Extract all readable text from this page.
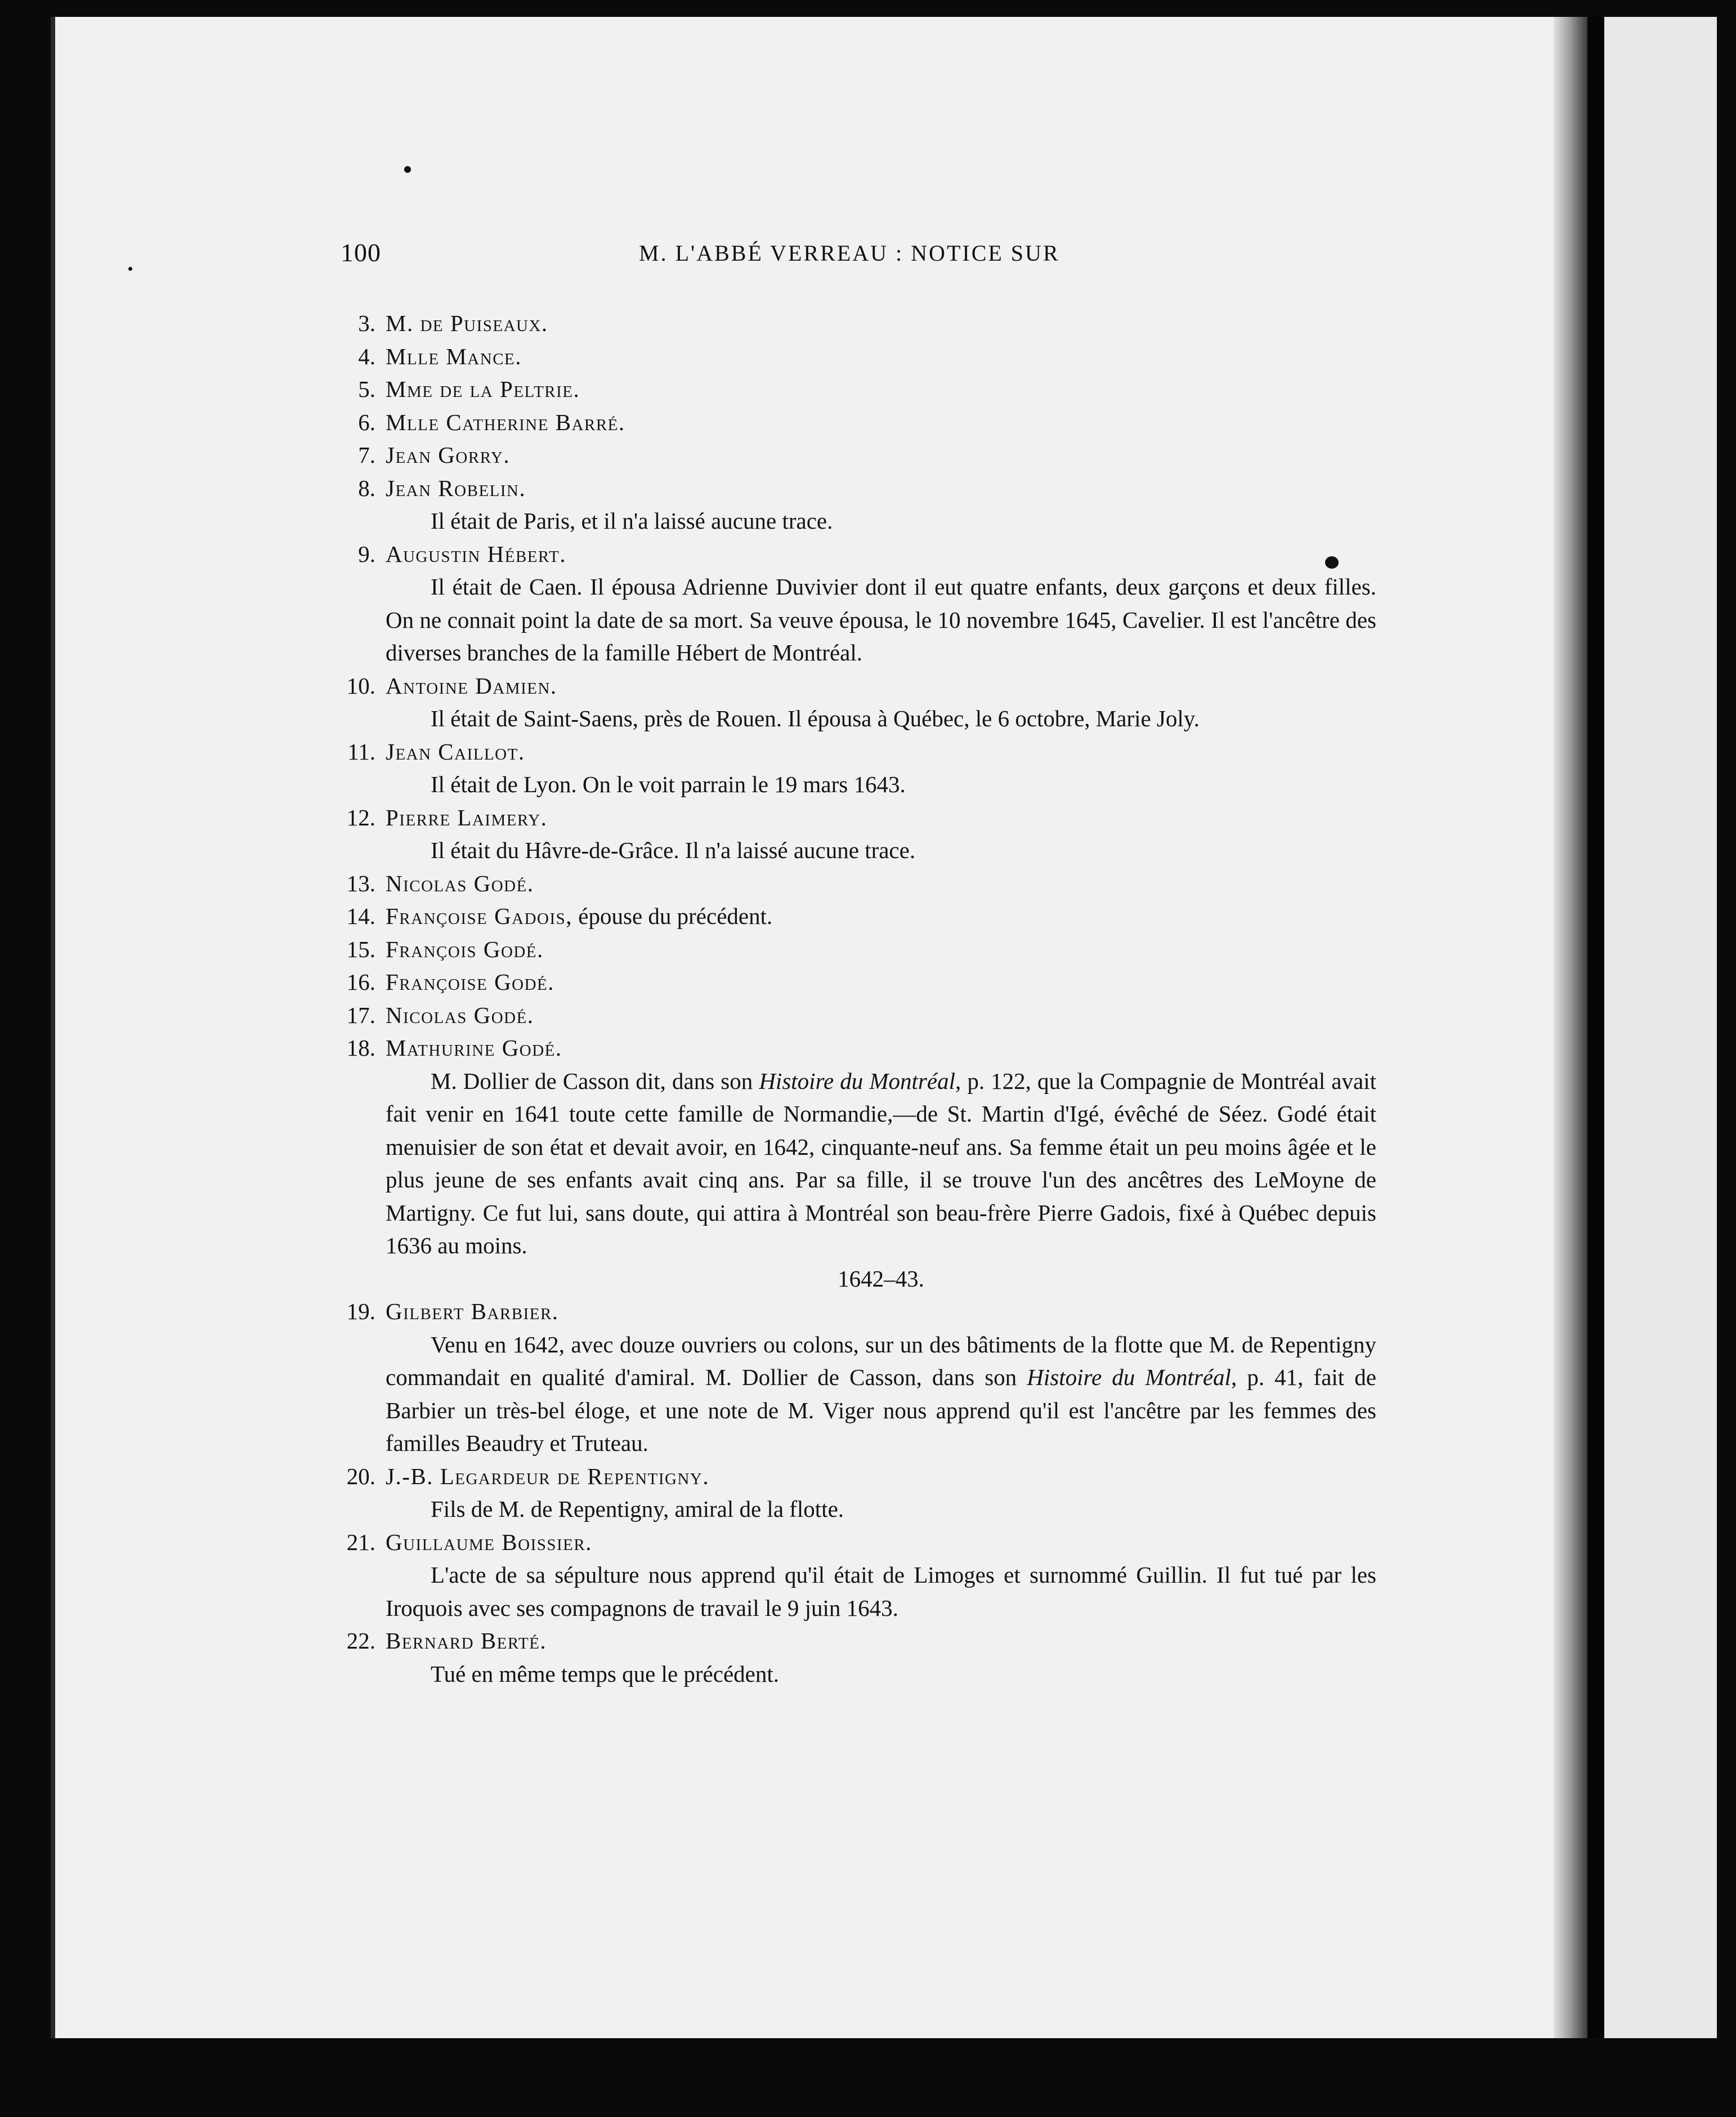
100	M. L'ABBÉ VERREAU : NOTICE SUR
3. M. de Puiseaux.
4. Mlle Mance.
5. Mme de la Peltrie.
6. Mlle Catherine Barré.
7. Jean Gorry.
8. Jean Robelin.
Il était de Paris, et il n'a laissé aucune trace.
9. Augustin Hébert.
Il était de Caen. Il épousa Adrienne Duvivier dont il eut quatre enfants, deux garçons et deux filles. On ne connait point la date de sa mort. Sa veuve épousa, le 10 novembre 1645, Cavelier. Il est l'ancêtre des diverses branches de la famille Hébert de Montréal.
10. Antoine Damien.
Il était de Saint-Saens, près de Rouen. Il épousa à Québec, le 6 octobre, Marie Joly.
11. Jean Caillot.
Il était de Lyon. On le voit parrain le 19 mars 1643.
12. Pierre Laimery.
Il était du Hâvre-de-Grâce. Il n'a laissé aucune trace.
13. Nicolas Godé.
14. Françoise Gadois, épouse du précédent.
15. François Godé.
16. Françoise Godé.
17. Nicolas Godé.
18. Mathurine Godé.
M. Dollier de Casson dit, dans son Histoire du Montréal, p. 122, que la Compagnie de Montréal avait fait venir en 1641 toute cette famille de Normandie,—de St. Martin d'Igé, évêché de Séez. Godé était menuisier de son état et devait avoir, en 1642, cinquante-neuf ans. Sa femme était un peu moins âgée et le plus jeune de ses enfants avait cinq ans. Par sa fille, il se trouve l'un des ancêtres des LeMoyne de Martigny. Ce fut lui, sans doute, qui attira à Montréal son beau-frère Pierre Gadois, fixé à Québec depuis 1636 au moins.
1642–43.
19. Gilbert Barbier.
Venu en 1642, avec douze ouvriers ou colons, sur un des bâtiments de la flotte que M. de Repentigny commandait en qualité d'amiral. M. Dollier de Casson, dans son Histoire du Montréal, p. 41, fait de Barbier un très-bel éloge, et une note de M. Viger nous apprend qu'il est l'ancêtre par les femmes des familles Beaudry et Truteau.
20. J.-B. Legardeur de Repentigny.
Fils de M. de Repentigny, amiral de la flotte.
21. Guillaume Boissier.
L'acte de sa sépulture nous apprend qu'il était de Limoges et surnommé Guillin. Il fut tué par les Iroquois avec ses compagnons de travail le 9 juin 1643.
22. Bernard Berté.
Tué en même temps que le précédent.
